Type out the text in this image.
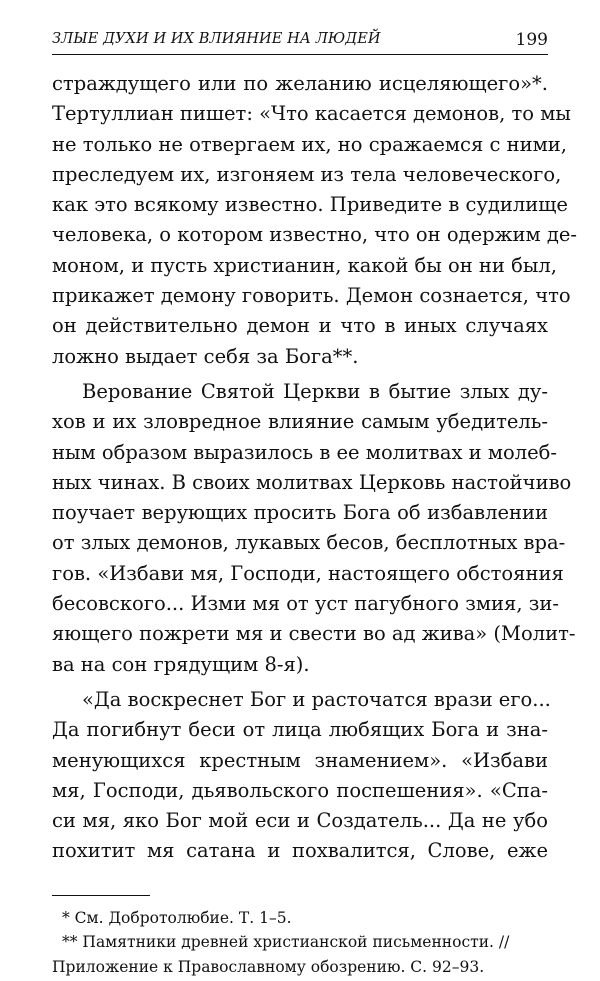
ЗЛЫЕ ДУХИ И ИХ ВЛИЯНИЕ НА ЛЮДЕЙ	199
страждущего или по желанию исцеляющего»*.
Тертуллиан пишет: «Что касается демонов, то мы
не только не отвергаем их, но сражаемся с ними,
преследуем их, изгоняем из тела человеческого,
как это всякому известно. Приведите в судилище
человека, о котором известно, что он одержим де-
моном, и пусть христианин, какой бы он ни был,
прикажет демону говорить. Демон сознается, что
он действительно демон и что в иных случаях
ложно выдает себя за Бога**.
Верование Святой Церкви в бытие злых ду-
хов и их зловредное влияние самым убедитель-
ным образом выразилось в ее молитвах и молеб-
ных чинах. В своих молитвах Церковь настойчиво
поучает верующих просить Бога об избавлении
от злых демонов, лукавых бесов, бесплотных вра-
гов. «Избави мя, Господи, настоящего обстояния
бесовского... Изми мя от уст пагубного змия, зи-
яющего пожрети мя и свести во ад жива» (Молит-
ва на сон грядущим 8-я).
«Да воскреснет Бог и расточатся врази его...
Да погибнут беси от лица любящих Бога и зна-
менующихся крестным знамением». «Избави
мя, Господи, дьявольского поспешения». «Спа-
си мя, яко Бог мой еси и Создатель... Да не убо
похитит мя сатана и похвалится, Слове, еже
* См. Добротолюбие. Т. 1–5.
** Памятники древней христианской письменности. //
Приложение к Православному обозрению. С. 92–93.
